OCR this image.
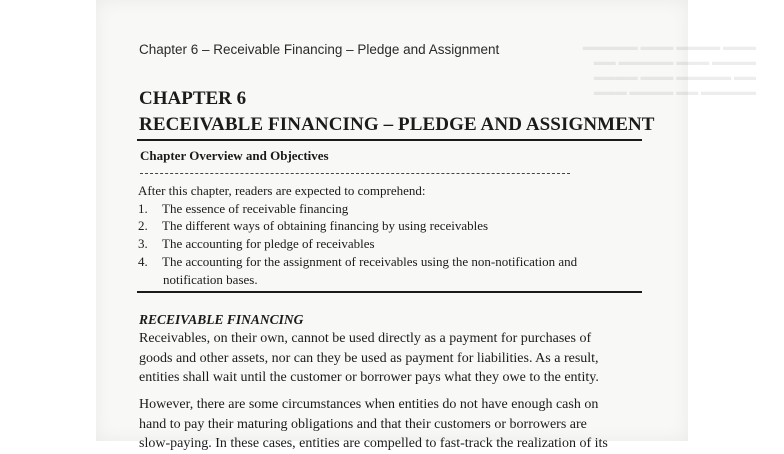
▬▬▬ ▬▬▬▬ ▬▬▬ ▬▬▬▬▬
▬▬▬▬ ▬▬▬ ▬▬▬▬▬ ▬▬
▬▬ ▬▬▬▬▬ ▬▬▬ ▬▬▬▬
▬▬▬▬▬ ▬▬ ▬▬▬▬ ▬▬▬
Chapter 6 – Receivable Financing – Pledge and Assignment
CHAPTER 6
RECEIVABLE FINANCING – PLEDGE AND ASSIGNMENT
Chapter Overview and Objectives
After this chapter, readers are expected to comprehend:
1. The essence of receivable financing
2. The different ways of obtaining financing by using receivables
3. The accounting for pledge of receivables
4. The accounting for the assignment of receivables using the non-notification and
notification bases.
RECEIVABLE FINANCING
Receivables, on their own, cannot be used directly as a payment for purchases of
goods and other assets, nor can they be used as payment for liabilities. As a result,
entities shall wait until the customer or borrower pays what they owe to the entity.
However, there are some circumstances when entities do not have enough cash on
hand to pay their maturing obligations and that their customers or borrowers are
slow-paying. In these cases, entities are compelled to fast-track the realization of its
